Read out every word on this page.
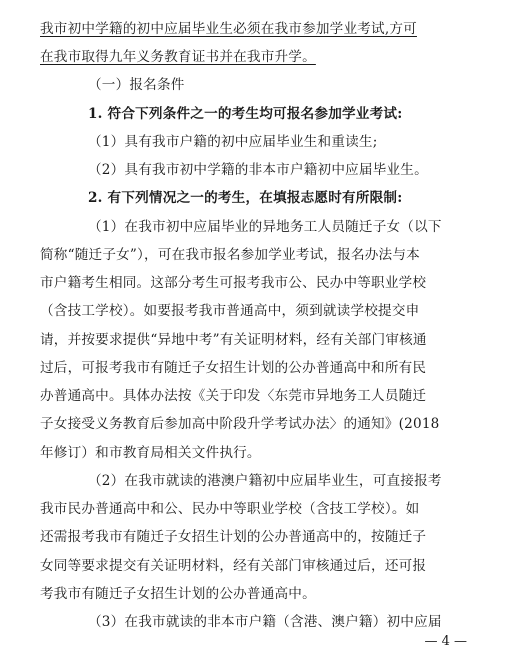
我市初中学籍的初中应届毕业生必须在我市参加学业考试,方可
在我市取得九年义务教育证书并在我市升学。
（一）报名条件
1. 符合下列条件之一的考生均可报名参加学业考试:
（1）具有我市户籍的初中应届毕业生和重读生;
（2）具有我市初中学籍的非本市户籍初中应届毕业生。
2. 有下列情况之一的考生，在填报志愿时有所限制:
（1）在我市初中应届毕业的异地务工人员随迁子女（以下
简称“随迁子女”），可在我市报名参加学业考试，报名办法与本
市户籍考生相同。这部分考生可报考我市公、民办中等职业学校
（含技工学校）。如要报考我市普通高中，须到就读学校提交申
请，并按要求提供“异地中考”有关证明材料，经有关部门审核通
过后，可报考我市有随迁子女招生计划的公办普通高中和所有民
办普通高中。具体办法按《关于印发〈东莞市异地务工人员随迁
子女接受义务教育后参加高中阶段升学考试办法〉的通知》(2018
年修订）和市教育局相关文件执行。
（2）在我市就读的港澳户籍初中应届毕业生，可直接报考
我市民办普通高中和公、民办中等职业学校（含技工学校）。如
还需报考我市有随迁子女招生计划的公办普通高中的，按随迁子
女同等要求提交有关证明材料，经有关部门审核通过后，还可报
考我市有随迁子女招生计划的公办普通高中。
（3）在我市就读的非本市户籍（含港、澳户籍）初中应届
— 4 —
